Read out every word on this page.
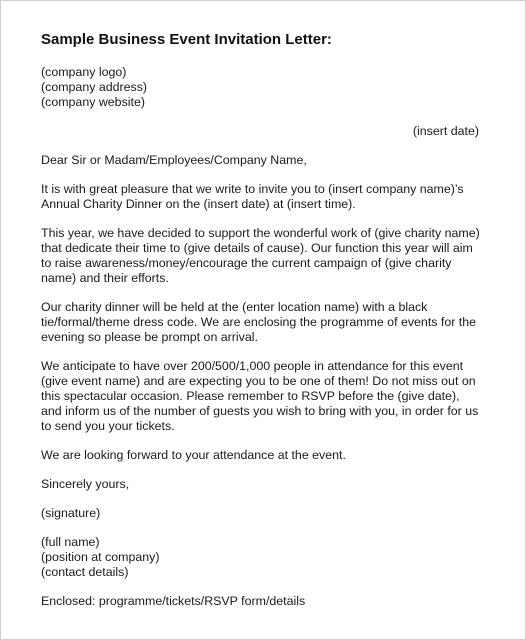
Sample Business Event Invitation Letter:
(company logo)
(company address)
(company website)
(insert date)

Dear Sir or Madam/Employees/Company Name,

It is with great pleasure that we write to invite you to (insert company name)’s
Annual Charity Dinner on the (insert date) at (insert time).

This year, we have decided to support the wonderful work of (give charity name)
that dedicate their time to (give details of cause). Our function this year will aim
to raise awareness/money/encourage the current campaign of (give charity
name) and their efforts.

Our charity dinner will be held at the (enter location name) with a black
tie/formal/theme dress code. We are enclosing the programme of events for the
evening so please be prompt on arrival.

We anticipate to have over 200/500/1,000 people in attendance for this event
(give event name) and are expecting you to be one of them! Do not miss out on
this spectacular occasion. Please remember to RSVP before the (give date),
and inform us of the number of guests you wish to bring with you, in order for us
to send you your tickets.

We are looking forward to your attendance at the event.

Sincerely yours,

(signature)

(full name)
(position at company)
(contact details)

Enclosed: programme/tickets/RSVP form/details
